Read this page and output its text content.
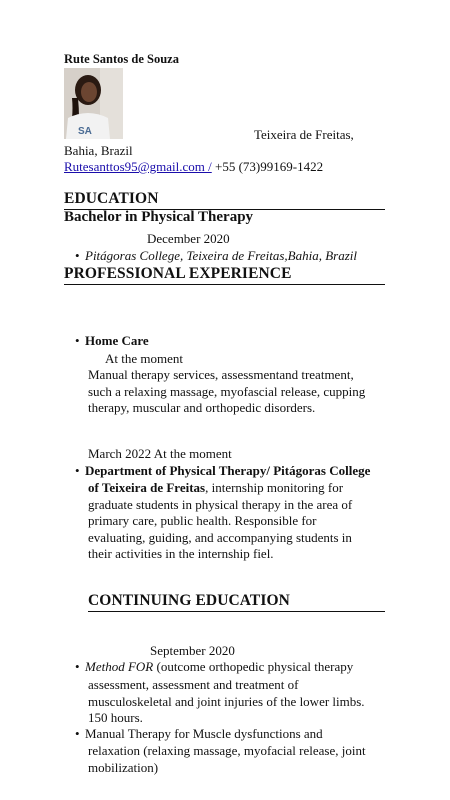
Rute Santos de Souza
SA	Teixeira de Freitas,
Bahia, Brazil
Rutesanttos95@gmail.com / +55 (73)99169-1422
EDUCATION
Bachelor in Physical Therapy
December 2020
• Pitágoras College, Teixeira de Freitas,Bahia, Brazil
PROFESSIONAL EXPERIENCE
• Home Care
At the moment
Manual therapy services, assessmentand treatment,
such a relaxing massage, myofascial release, cupping
therapy, muscular and orthopedic disorders.
March 2022 At the moment
• Department of Physical Therapy/ Pitágoras College
of Teixeira de Freitas, internship monitoring for
graduate students in physical therapy in the area of
primary care, public health. Responsible for
evaluating, guiding, and accompanying students in
their activities in the internship fiel.
CONTINUING EDUCATION
September 2020
• Method FOR (outcome orthopedic physical therapy
assessment, assessment and treatment of
musculoskeletal and joint injuries of the lower limbs.
150 hours.
• Manual Therapy for Muscle dysfunctions and
relaxation (relaxing massage, myofacial release, joint
mobilization)
